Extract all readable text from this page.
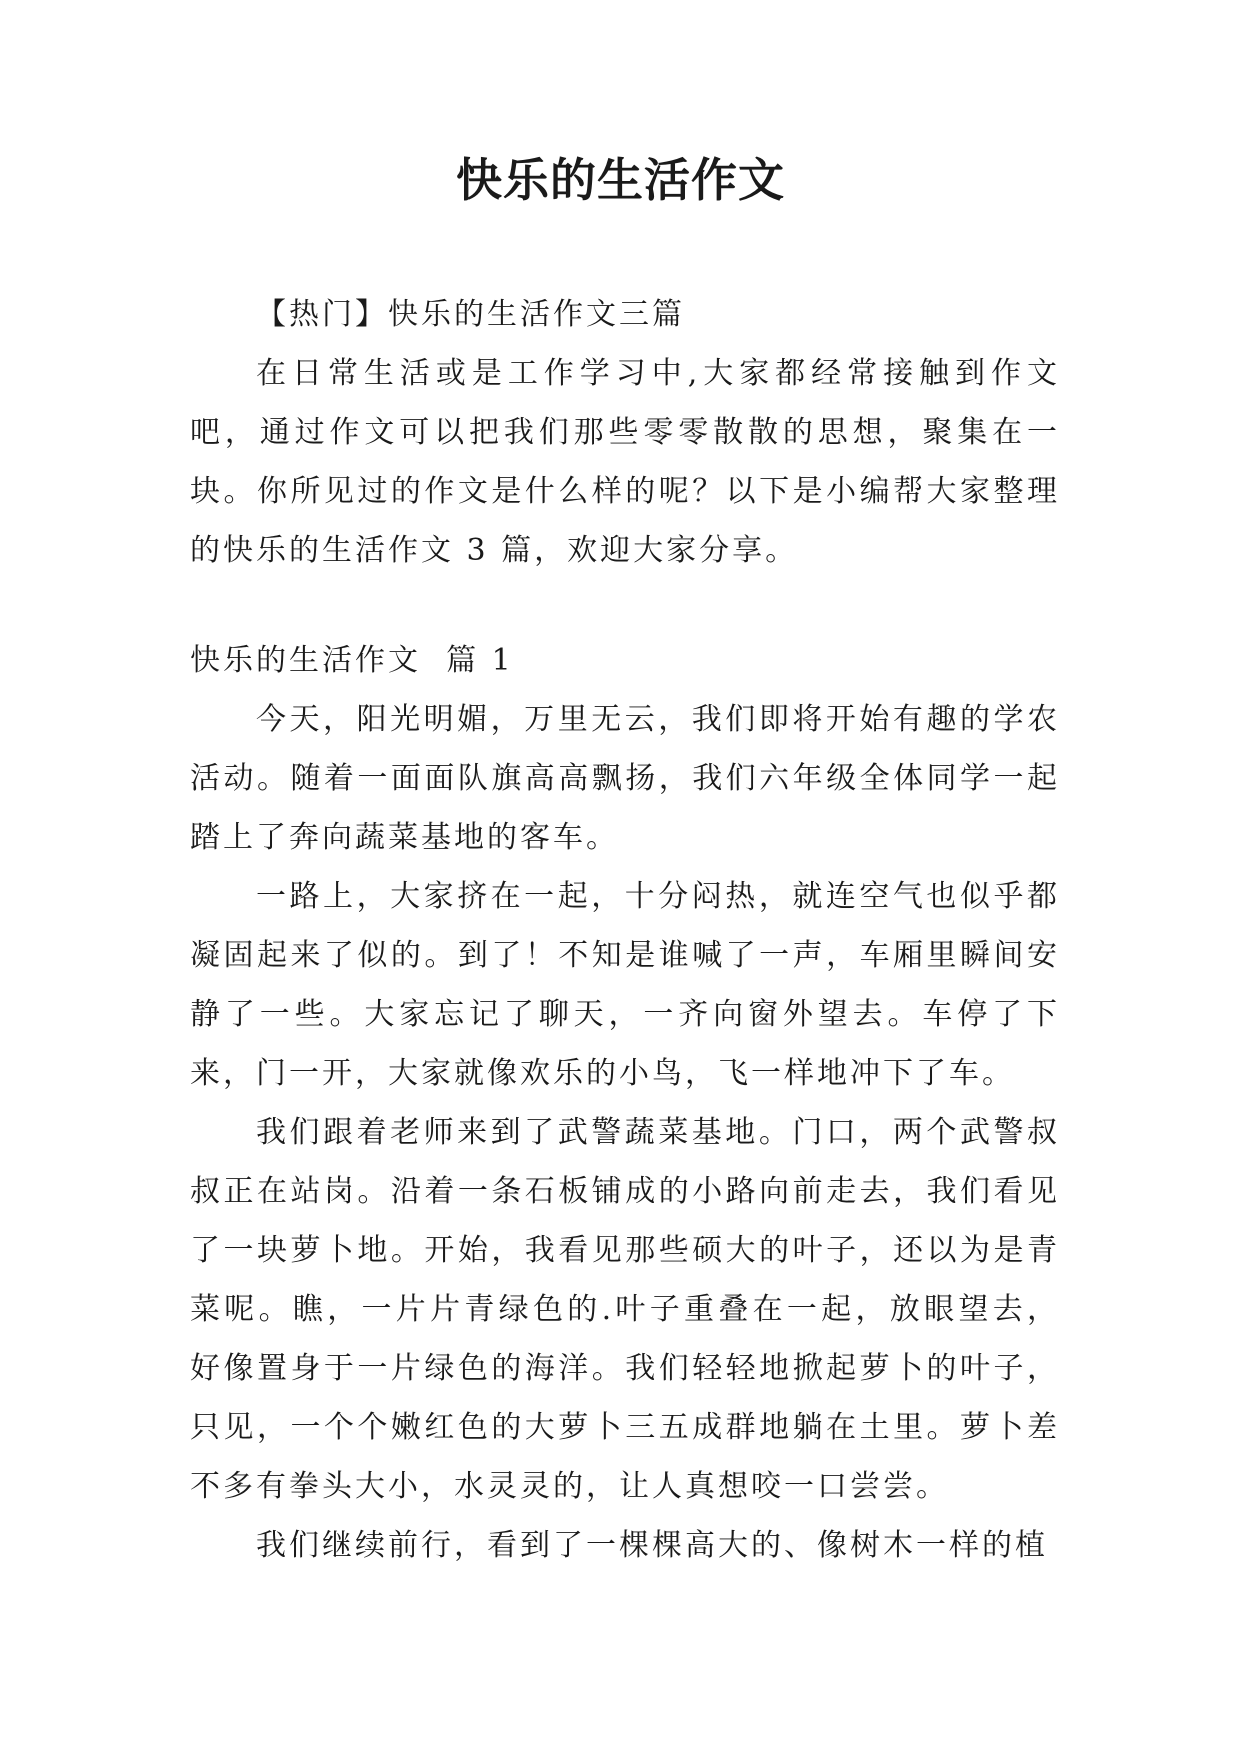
快乐的生活作文

【热门】快乐的生活作文三篇

在日常生活或是工作学习中,大家都经常接触到作文吧，通过作文可以把我们那些零零散散的思想，聚集在一块。你所见过的作文是什么样的呢？以下是小编帮大家整理的快乐的生活作文 3 篇，欢迎大家分享。

快乐的生活作文  篇 1

今天，阳光明媚，万里无云，我们即将开始有趣的学农活动。随着一面面队旗高高飘扬，我们六年级全体同学一起踏上了奔向蔬菜基地的客车。

一路上，大家挤在一起，十分闷热，就连空气也似乎都凝固起来了似的。到了！不知是谁喊了一声，车厢里瞬间安静了一些。大家忘记了聊天，一齐向窗外望去。车停了下来，门一开，大家就像欢乐的小鸟，飞一样地冲下了车。

我们跟着老师来到了武警蔬菜基地。门口，两个武警叔叔正在站岗。沿着一条石板铺成的小路向前走去，我们看见了一块萝卜地。开始，我看见那些硕大的叶子，还以为是青菜呢。瞧，一片片青绿色的.叶子重叠在一起，放眼望去，好像置身于一片绿色的海洋。我们轻轻地掀起萝卜的叶子，只见，一个个嫩红色的大萝卜三五成群地躺在土里。萝卜差不多有拳头大小，水灵灵的，让人真想咬一口尝尝。

我们继续前行，看到了一棵棵高大的、像树木一样的植
